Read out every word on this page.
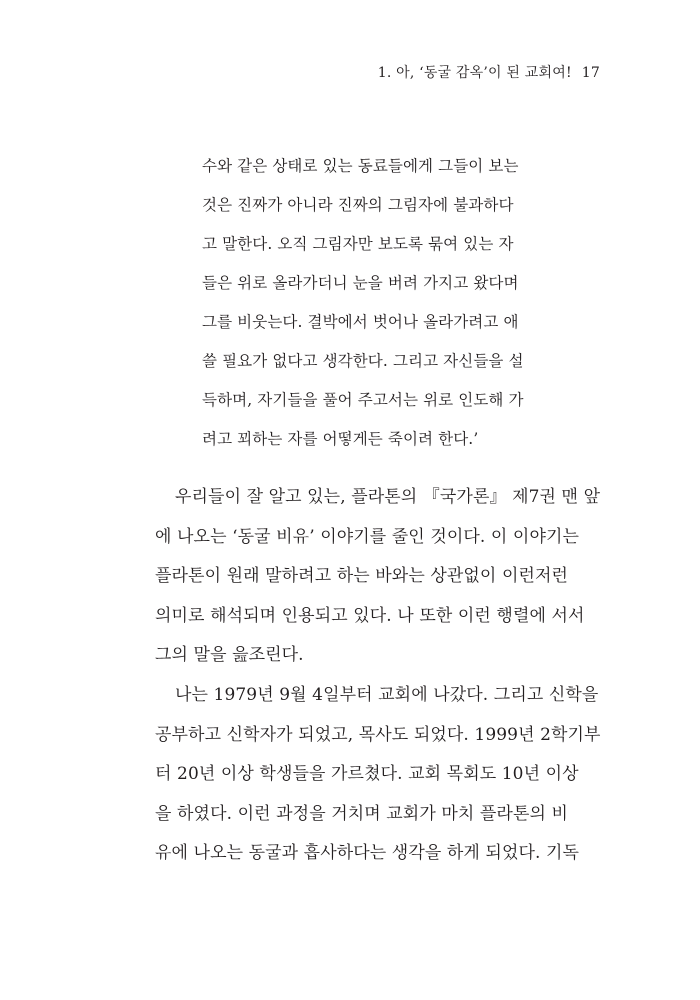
1. 아, ‘동굴 감옥’이 된 교회여! 17
수와 같은 상태로 있는 동료들에게 그들이 보는
것은 진짜가 아니라 진짜의 그림자에 불과하다
고 말한다. 오직 그림자만 보도록 묶여 있는 자
들은 위로 올라가더니 눈을 버려 가지고 왔다며
그를 비웃는다. 결박에서 벗어나 올라가려고 애
쓸 필요가 없다고 생각한다. 그리고 자신들을 설
득하며, 자기들을 풀어 주고서는 위로 인도해 가
려고 꾀하는 자를 어떻게든 죽이려 한다.’
우리들이 잘 알고 있는, 플라톤의 『국가론』 제7권 맨 앞
에 나오는 ‘동굴 비유’ 이야기를 줄인 것이다. 이 이야기는
플라톤이 원래 말하려고 하는 바와는 상관없이 이런저런
의미로 해석되며 인용되고 있다. 나 또한 이런 행렬에 서서
그의 말을 읊조린다.
나는 1979년 9월 4일부터 교회에 나갔다. 그리고 신학을
공부하고 신학자가 되었고, 목사도 되었다. 1999년 2학기부
터 20년 이상 학생들을 가르쳤다. 교회 목회도 10년 이상
을 하였다. 이런 과정을 거치며 교회가 마치 플라톤의 비
유에 나오는 동굴과 흡사하다는 생각을 하게 되었다. 기독
